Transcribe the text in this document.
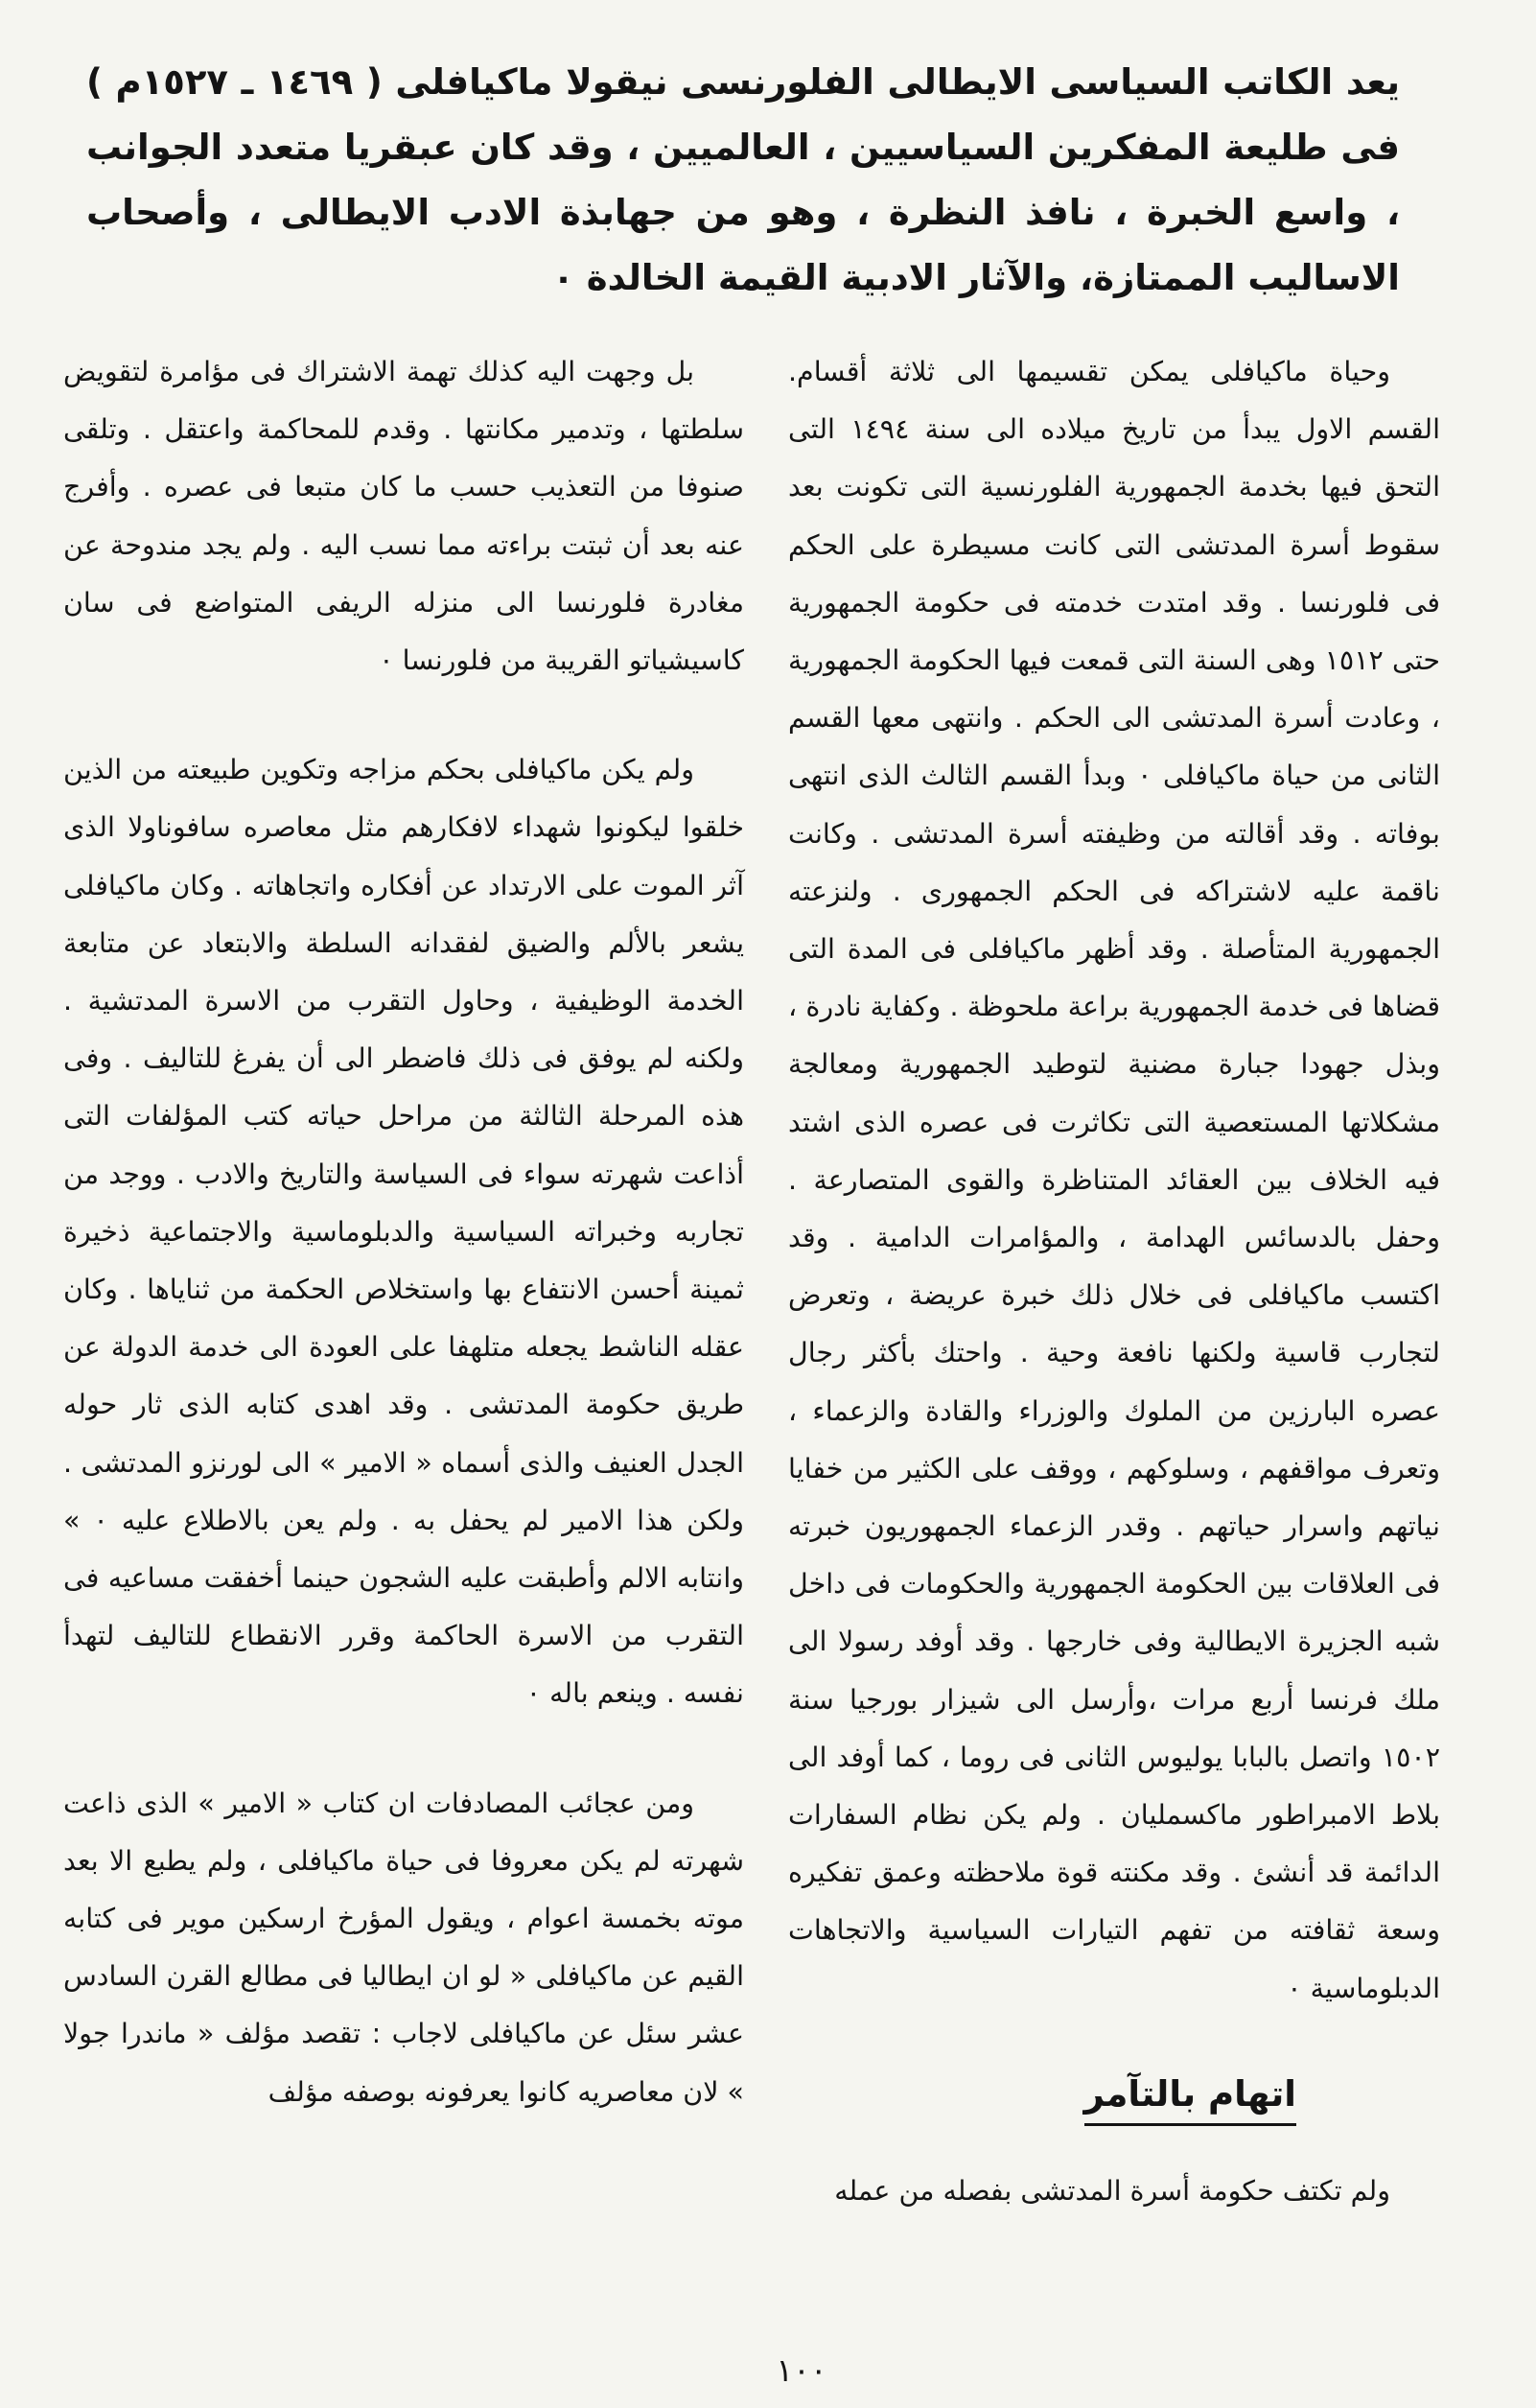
يعد الكاتب السياسى الايطالى الفلورنسى نيقولا ماكيافلى ( ١٤٦٩ ـ ١٥٢٧م ) فى طليعة المفكرين السياسيين ، العالميين ، وقد كان عبقريا متعدد الجوانب ، واسع الخبرة ، نافذ النظرة ، وهو من جهابذة الادب الايطالى ، وأصحاب الاساليب الممتازة، والآثار الادبية القيمة الخالدة ٠

وحياة ماكيافلى يمكن تقسيمها الى ثلاثة أقسام. القسم الاول يبدأ من تاريخ ميلاده الى سنة ١٤٩٤ التى التحق فيها بخدمة الجمهورية الفلورنسية التى تكونت بعد سقوط أسرة المدتشى التى كانت مسيطرة على الحكم فى فلورنسا . وقد امتدت خدمته فى حكومة الجمهورية حتى ١٥١٢ وهى السنة التى قمعت فيها الحكومة الجمهورية ، وعادت أسرة المدتشى الى الحكم . وانتهى معها القسم الثانى من حياة ماكيافلى ٠ وبدأ القسم الثالث الذى انتهى بوفاته . وقد أقالته من وظيفته أسرة المدتشى . وكانت ناقمة عليه لاشتراكه فى الحكم الجمهورى . ولنزعته الجمهورية المتأصلة . وقد أظهر ماكيافلى فى المدة التى قضاها فى خدمة الجمهورية براعة ملحوظة . وكفاية نادرة ، وبذل جهودا جبارة مضنية لتوطيد الجمهورية ومعالجة مشكلاتها المستعصية التى تكاثرت فى عصره الذى اشتد فيه الخلاف بين العقائد المتناظرة والقوى المتصارعة . وحفل بالدسائس الهدامة ، والمؤامرات الدامية . وقد اكتسب ماكيافلى فى خلال ذلك خبرة عريضة ، وتعرض لتجارب قاسية ولكنها نافعة وحية . واحتك بأكثر رجال عصره البارزين من الملوك والوزراء والقادة والزعماء ، وتعرف مواقفهم ، وسلوكهم ، ووقف على الكثير من خفايا نياتهم واسرار حياتهم . وقدر الزعماء الجمهوريون خبرته فى العلاقات بين الحكومة الجمهورية والحكومات فى داخل شبه الجزيرة الايطالية وفى خارجها . وقد أوفد رسولا الى ملك فرنسا أربع مرات ،وأرسل الى شيزار بورجيا سنة ١٥٠٢ واتصل بالبابا يوليوس الثانى فى روما ، كما أوفد الى بلاط الامبراطور ماكسمليان . ولم يكن نظام السفارات الدائمة قد أنشئ . وقد مكنته قوة ملاحظته وعمق تفكيره وسعة ثقافته من تفهم التيارات السياسية والاتجاهات الدبلوماسية ٠

اتهام بالتآمر

ولم تكتف حكومة أسرة المدتشى بفصله من عمله

بل وجهت اليه كذلك تهمة الاشتراك فى مؤامرة لتقويض سلطتها ، وتدمير مكانتها . وقدم للمحاكمة واعتقل . وتلقى صنوفا من التعذيب حسب ما كان متبعا فى عصره . وأفرج عنه بعد أن ثبتت براءته مما نسب اليه . ولم يجد مندوحة عن مغادرة فلورنسا الى منزله الريفى المتواضع فى سان كاسيشياتو القريبة من فلورنسا ٠

ولم يكن ماكيافلى بحكم مزاجه وتكوين طبيعته من الذين خلقوا ليكونوا شهداء لافكارهم مثل معاصره سافوناولا الذى آثر الموت على الارتداد عن أفكاره واتجاهاته . وكان ماكيافلى يشعر بالألم والضيق لفقدانه السلطة والابتعاد عن متابعة الخدمة الوظيفية ، وحاول التقرب من الاسرة المدتشية . ولكنه لم يوفق فى ذلك فاضطر الى أن يفرغ للتاليف . وفى هذه المرحلة الثالثة من مراحل حياته كتب المؤلفات التى أذاعت شهرته سواء فى السياسة والتاريخ والادب . ووجد من تجاربه وخبراته السياسية والدبلوماسية والاجتماعية ذخيرة ثمينة أحسن الانتفاع بها واستخلاص الحكمة من ثناياها . وكان عقله الناشط يجعله متلهفا على العودة الى خدمة الدولة عن طريق حكومة المدتشى . وقد اهدى كتابه الذى ثار حوله الجدل العنيف والذى أسماه « الامير » الى لورنزو المدتشى . ولكن هذا الامير لم يحفل به . ولم يعن بالاطلاع عليه ٠ » وانتابه الالم وأطبقت عليه الشجون حينما أخفقت مساعيه فى التقرب من الاسرة الحاكمة وقرر الانقطاع للتاليف لتهدأ نفسه . وينعم باله ٠

ومن عجائب المصادفات ان كتاب « الامير » الذى ذاعت شهرته لم يكن معروفا فى حياة ماكيافلى ، ولم يطبع الا بعد موته بخمسة اعوام ، ويقول المؤرخ ارسكين موير فى كتابه القيم عن ماكيافلى « لو ان ايطاليا فى مطالع القرن السادس عشر سئل عن ماكيافلى لاجاب : تقصد مؤلف « ماندرا جولا » لان معاصريه كانوا يعرفونه بوصفه مؤلف

١٠٠
